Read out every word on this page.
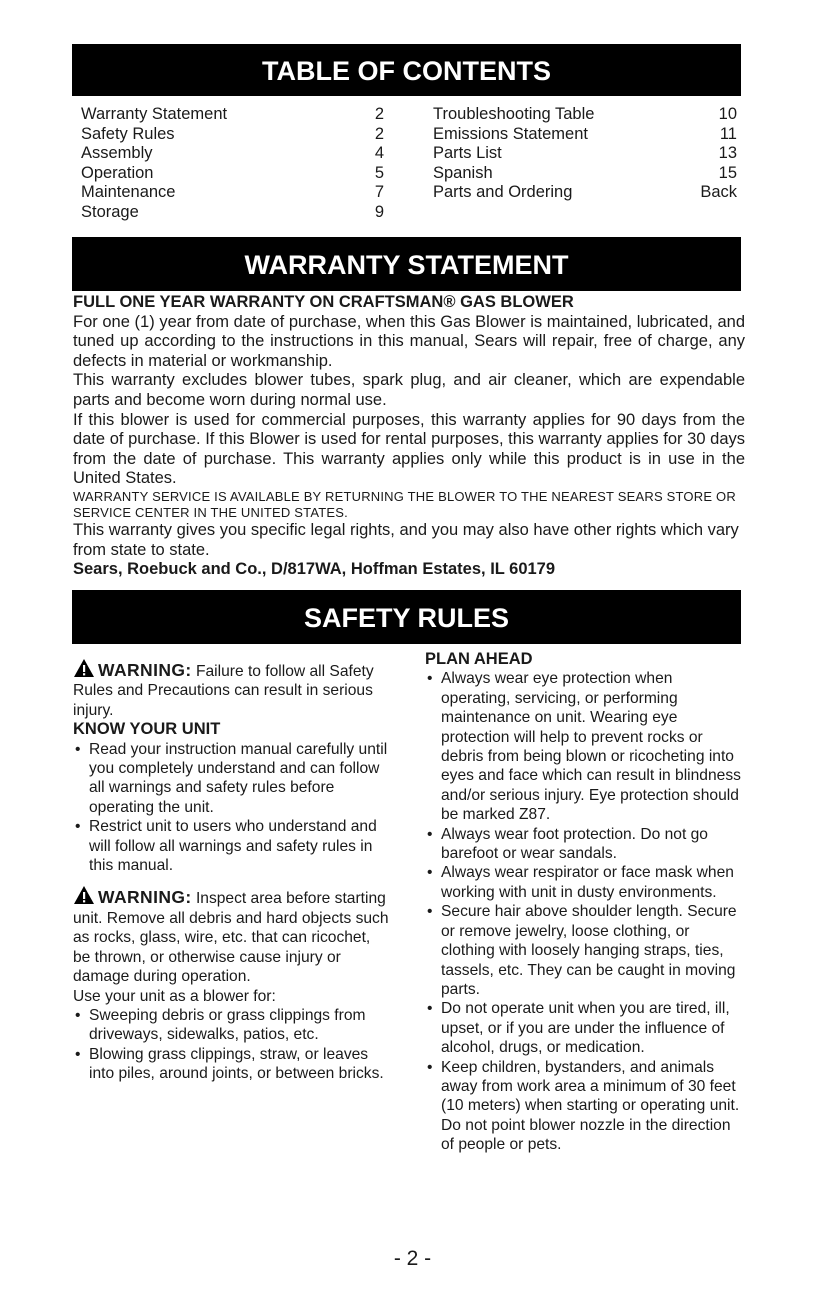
TABLE OF CONTENTS
Warranty Statement	2
Safety Rules	2
Assembly	4
Operation	5
Maintenance	7
Storage	9
Troubleshooting Table	10
Emissions Statement	11
Parts List	13
Spanish	15
Parts and Ordering	Back
WARRANTY STATEMENT
FULL ONE YEAR WARRANTY ON CRAFTSMAN® GAS BLOWER
For one (1) year from date of purchase, when this Gas Blower is maintained, lubricated, and tuned up according to the instructions in this manual, Sears will repair, free of charge, any defects in material or workmanship.
This warranty excludes blower tubes, spark plug, and air cleaner, which are expendable parts and become worn during normal use.
If this blower is used for commercial purposes, this warranty applies for 90 days from the date of purchase. If this Blower is used for rental purposes, this warranty applies for 30 days from the date of purchase. This warranty applies only while this product is in use in the United States.
WARRANTY SERVICE IS AVAILABLE BY RETURNING THE BLOWER TO THE NEAREST SEARS STORE OR SERVICE CENTER IN THE UNITED STATES.
This warranty gives you specific legal rights, and you may also have other rights which vary from state to state.
Sears, Roebuck and Co., D/817WA, Hoffman Estates, IL 60179
SAFETY RULES
WARNING: Failure to follow all Safety Rules and Precautions can result in serious injury.
KNOW YOUR UNIT
• Read your instruction manual carefully until you completely understand and can follow all warnings and safety rules before operating the unit.
• Restrict unit to users who understand and will follow all warnings and safety rules in this manual.
WARNING: Inspect area before starting unit. Remove all debris and hard objects such as rocks, glass, wire, etc. that can ricochet, be thrown, or otherwise cause injury or damage during operation.
Use your unit as a blower for:
• Sweeping debris or grass clippings from driveways, sidewalks, patios, etc.
• Blowing grass clippings, straw, or leaves into piles, around joints, or between bricks.
PLAN AHEAD
• Always wear eye protection when operating, servicing, or performing maintenance on unit. Wearing eye protection will help to prevent rocks or debris from being blown or ricocheting into eyes and face which can result in blindness and/or serious injury. Eye protection should be marked Z87.
• Always wear foot protection. Do not go barefoot or wear sandals.
• Always wear respirator or face mask when working with unit in dusty environments.
• Secure hair above shoulder length. Secure or remove jewelry, loose clothing, or clothing with loosely hanging straps, ties, tassels, etc. They can be caught in moving parts.
• Do not operate unit when you are tired, ill, upset, or if you are under the influence of alcohol, drugs, or medication.
• Keep children, bystanders, and animals away from work area a minimum of 30 feet (10 meters) when starting or operating unit. Do not point blower nozzle in the direction of people or pets.
- 2 -
